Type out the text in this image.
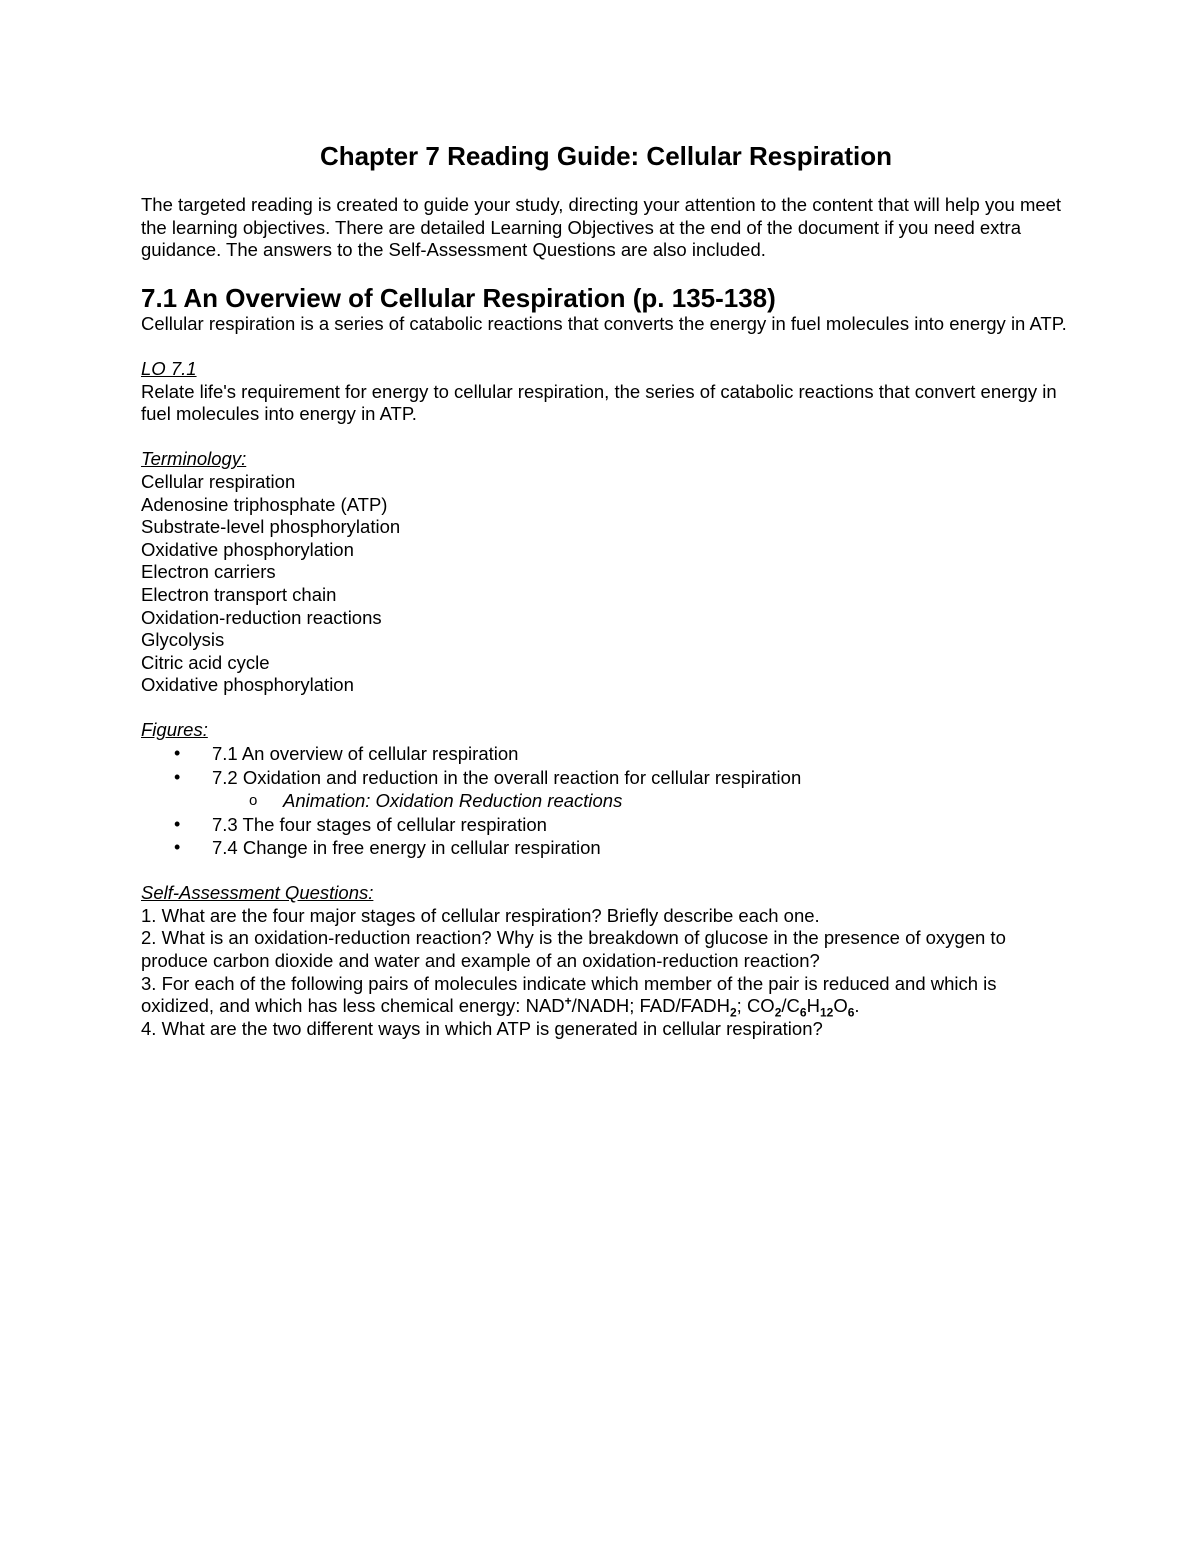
Chapter 7 Reading Guide: Cellular Respiration

The targeted reading is created to guide your study, directing your attention to the content that will help you meet the learning objectives. There are detailed Learning Objectives at the end of the document if you need extra guidance. The answers to the Self-Assessment Questions are also included.

7.1 An Overview of Cellular Respiration (p. 135-138)

Cellular respiration is a series of catabolic reactions that converts the energy in fuel molecules into energy in ATP.

LO 7.1

Relate life's requirement for energy to cellular respiration, the series of catabolic reactions that convert energy in fuel molecules into energy in ATP.

Terminology:

Cellular respiration
Adenosine triphosphate (ATP)
Substrate-level phosphorylation
Oxidative phosphorylation
Electron carriers
Electron transport chain
Oxidation-reduction reactions
Glycolysis
Citric acid cycle
Oxidative phosphorylation

Figures:

• 7.1 An overview of cellular respiration
• 7.2 Oxidation and reduction in the overall reaction for cellular respiration
o Animation: Oxidation Reduction reactions
• 7.3 The four stages of cellular respiration
• 7.4 Change in free energy in cellular respiration

Self-Assessment Questions:

1. What are the four major stages of cellular respiration? Briefly describe each one.
2. What is an oxidation-reduction reaction? Why is the breakdown of glucose in the presence of oxygen to produce carbon dioxide and water and example of an oxidation-reduction reaction?
3. For each of the following pairs of molecules indicate which member of the pair is reduced and which is oxidized, and which has less chemical energy: NAD+/NADH; FAD/$FADH_2$; $CO_2/C_6H_{12}O_6$.
4. What are the two different ways in which ATP is generated in cellular respiration?
